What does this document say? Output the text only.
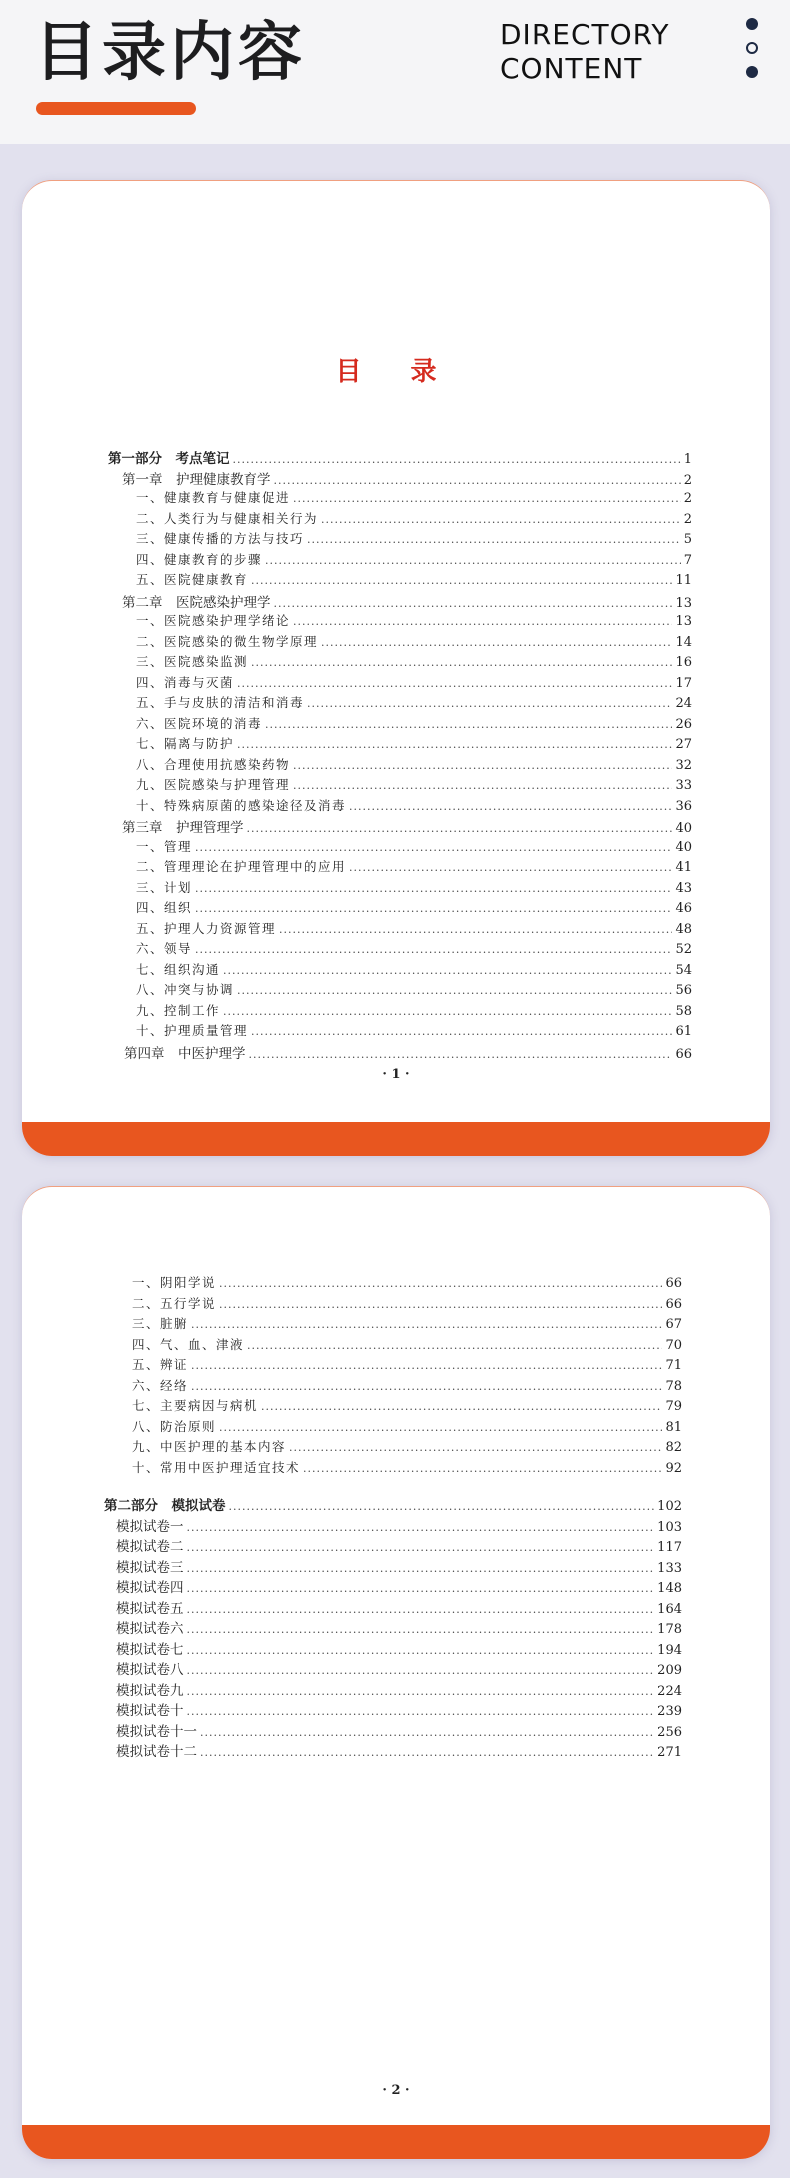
目录内容	DIRECTORY
CONTENT
目 录
第一部分　考点笔记 .....	1
第一章　护理健康教育学 .....	2
一、健康教育与健康促进 .....	2
二、人类行为与健康相关行为 .....	2
三、健康传播的方法与技巧 .....	5
四、健康教育的步骤 .....	7
五、医院健康教育 .....	11
第二章　医院感染护理学 .....	13
一、医院感染护理学绪论 .....	13
二、医院感染的微生物学原理 .....	14
三、医院感染监测 .....	16
四、消毒与灭菌 .....	17
五、手与皮肤的清洁和消毒 .....	24
六、医院环境的消毒 .....	26
七、隔离与防护 .....	27
八、合理使用抗感染药物 .....	32
九、医院感染与护理管理 .....	33
十、特殊病原菌的感染途径及消毒 .....	36
第三章　护理管理学 .....	40
一、管理 .....	40
二、管理理论在护理管理中的应用 .....	41
三、计划 .....	43
四、组织 .....	46
五、护理人力资源管理 .....	48
六、领导 .....	52
七、组织沟通 .....	54
八、冲突与协调 .....	56
九、控制工作 .....	58
十、护理质量管理 .....	61
第四章　中医护理学 .....	66
· 1 ·
一、阴阳学说 .....	66
二、五行学说 .....	66
三、脏腑 .....	67
四、气、血、津液 .....	70
五、辨证 .....	71
六、经络 .....	78
七、主要病因与病机 .....	79
八、防治原则 .....	81
九、中医护理的基本内容 .....	82
十、常用中医护理适宜技术 .....	92
第二部分　模拟试卷 .....	102
模拟试卷一 .....	103
模拟试卷二 .....	117
模拟试卷三 .....	133
模拟试卷四 .....	148
模拟试卷五 .....	164
模拟试卷六 .....	178
模拟试卷七 .....	194
模拟试卷八 .....	209
模拟试卷九 .....	224
模拟试卷十 .....	239
模拟试卷十一 .....	256
模拟试卷十二 .....	271
· 2 ·
